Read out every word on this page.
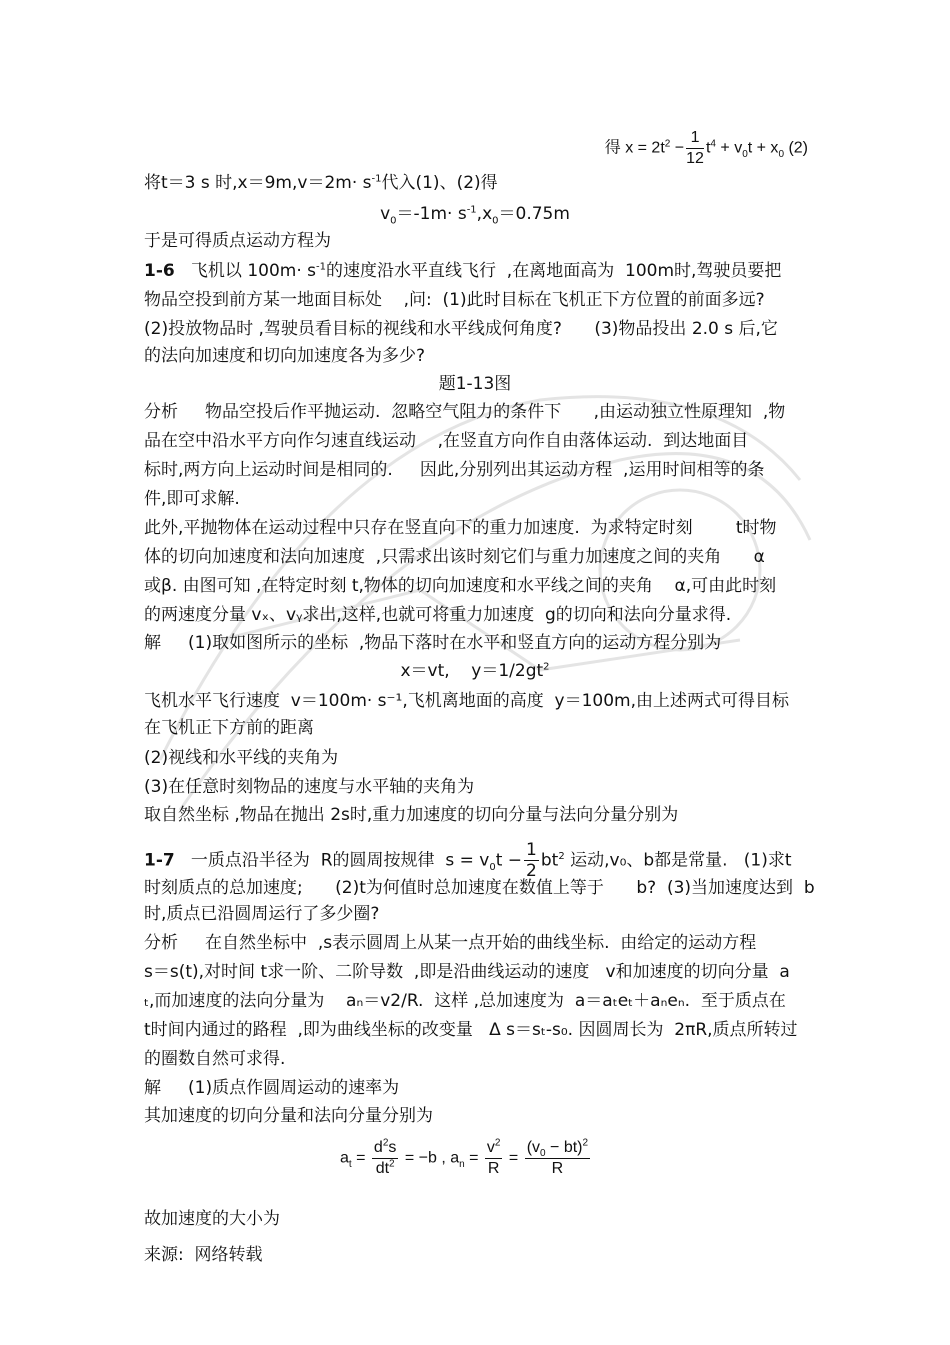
得 $x = 2t^2 - \frac{1}{12} t^4 + v_0t + x_0$ (2)
将t＝3 s 时$,x=9m,v=2m\cdot s^{-1}$代入(1)、(2)得
$v_0=-1m\cdot s^{-1},x_0=0.75m$
于是可得质点运动方程为
1-6   飞机以 $100m\cdot s^{-1}$的速度沿水平直线飞行  ,在离地面高为  100m时,驾驶员要把
物品空投到前方某一地面目标处    ,问:  (1)此时目标在飞机正下方位置的前面多远?
(2)投放物品时 ,驾驶员看目标的视线和水平线成何角度?      (3)物品投出 2.0 s 后,它
的法向加速度和切向加速度各为多少?
题1-13图
分析     物品空投后作平抛运动.  忽略空气阻力的条件下      ,由运动独立性原理知  ,物
品在空中沿水平方向作匀速直线运动    ,在竖直方向作自由落体运动.  到达地面目
标时,两方向上运动时间是相同的.     因此,分别列出其运动方程  ,运用时间相等的条
件,即可求解.
此外,平抛物体在运动过程中只存在竖直向下的重力加速度.  为求特定时刻        t时物
体的切向加速度和法向加速度  ,只需求出该时刻它们与重力加速度之间的夹角      α
或β. 由图可知 ,在特定时刻 t,物体的切向加速度和水平线之间的夹角    α,可由此时刻
的两速度分量 vₓ、vᵧ求出,这样,也就可将重力加速度  g的切向和法向分量求得.
解     (1)取如图所示的坐标  ,物品下落时在水平和竖直方向的运动方程分别为
x＝vt,    $y=1/2gt^2$
飞机水平飞行速度  v＝100m· s⁻¹,飞机离地面的高度  y＝100m,由上述两式可得目标
在飞机正下方前的距离
(2)视线和水平线的夹角为
(3)在任意时刻物品的速度与水平轴的夹角为
取自然坐标 ,物品在抛出 2s时,重力加速度的切向分量与法向分量分别为
1-7   一质点沿半径为  R的圆周按规律  $s = v_0t - \frac{1}{2} bt^2$ 运动,v₀、b都是常量.   (1)求t
时刻质点的总加速度;      (2)t为何值时总加速度在数值上等于      b?  (3)当加速度达到  b
时,质点已沿圆周运行了多少圈?
分析     在自然坐标中  ,s表示圆周上从某一点开始的曲线坐标.  由给定的运动方程
s＝s(t),对时间 t求一阶、二阶导数  ,即是沿曲线运动的速度   v和加速度的切向分量  a
ₜ,而加速度的法向分量为    aₙ＝v2/R.  这样 ,总加速度为  a＝aₜeₜ＋aₙeₙ.  至于质点在
t时间内通过的路程  ,即为曲线坐标的改变量   Δ s＝sₜ-s₀. 因圆周长为  2πR,质点所转过
的圈数自然可求得.
解     (1)质点作圆周运动的速率为
其加速度的切向分量和法向分量分别为
$a_t = \frac{d^2s}{dt^2} = -b$ , $a_n = \frac{v^2}{R} = \frac{(v_0 - bt)^2}{R}$
故加速度的大小为
来源:  网络转载
